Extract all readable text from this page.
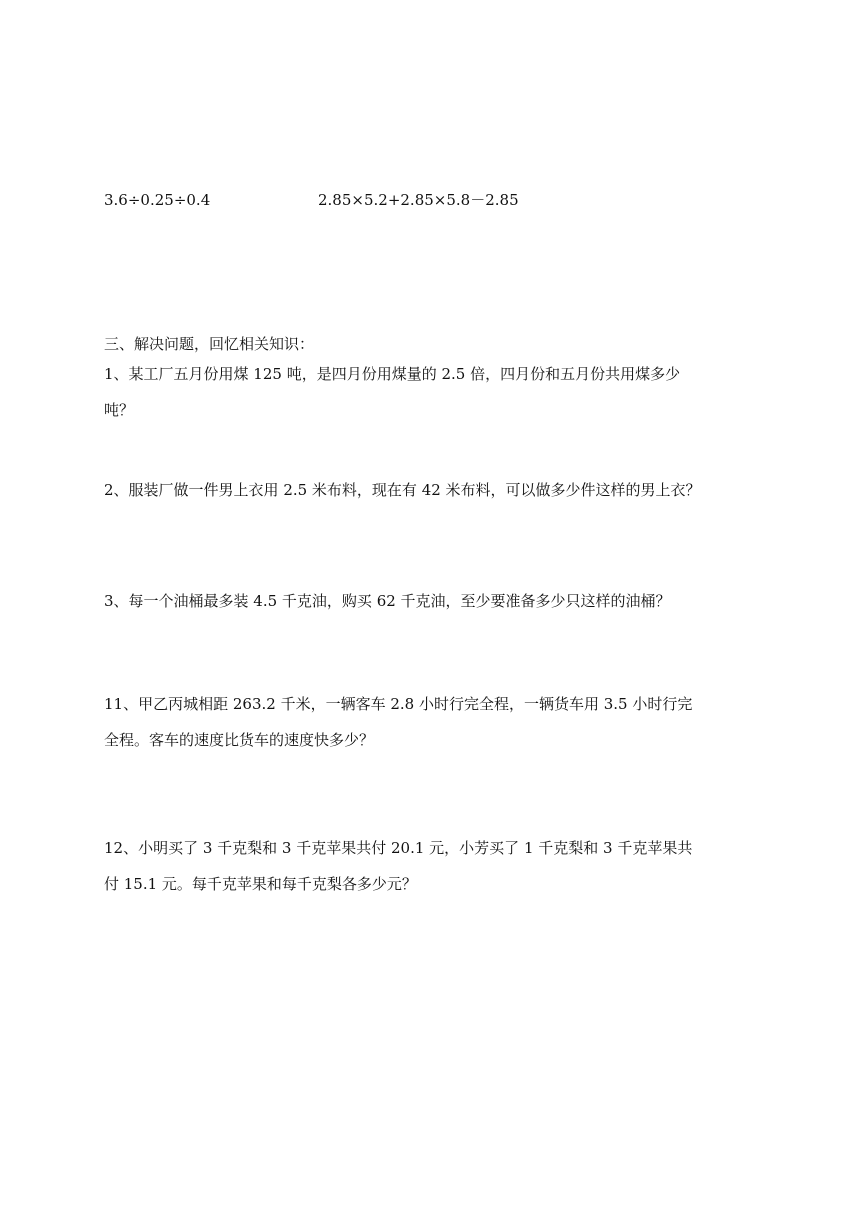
3.6÷0.25÷0.4	2.85×5.2+2.85×5.8－2.85
三、解决问题，回忆相关知识：
1、某工厂五月份用煤 125 吨，是四月份用煤量的 2.5 倍，四月份和五月份共用煤多少
吨？
2、服装厂做一件男上衣用 2.5 米布料，现在有 42 米布料，可以做多少件这样的男上衣？
3、每一个油桶最多装 4.5 千克油，购买 62 千克油，至少要准备多少只这样的油桶？
11、甲乙丙城相距 263.2 千米，一辆客车 2.8 小时行完全程，一辆货车用 3.5 小时行完
全程。客车的速度比货车的速度快多少？
12、小明买了 3 千克梨和 3 千克苹果共付 20.1 元，小芳买了 1 千克梨和 3 千克苹果共
付 15.1 元。每千克苹果和每千克梨各多少元？
